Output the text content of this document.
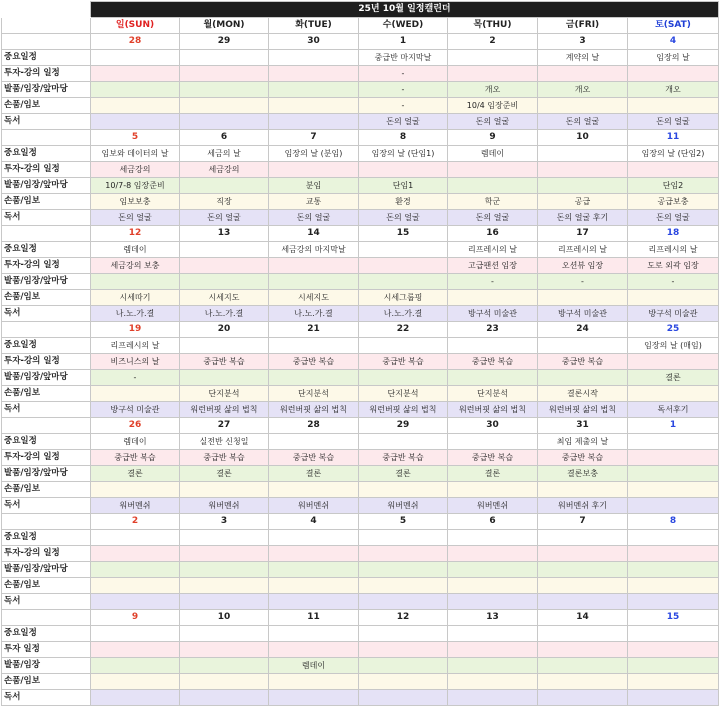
	25년 10월 일정캘린더						
	일(SUN)	월(MON)	화(TUE)	수(WED)	목(THU)	금(FRI)	토(SAT)
	28	29	30	1	2	3	4
중요일정				중급반 마지막날		계약의 날	임장의 날
투자-강의 일정				-			
발품/임장/앞마당				-	개오	개오	개오
손품/임보				-	10/4 임장준비		
독서				돈의 얼굴	돈의 얼굴	돈의 얼굴	돈의 얼굴
	5	6	7	8	9	10	11
중요일정	임보와 데이터의 날	세금의 날	임장의 날 (분임)	임장의 날 (단임1)	렘데이		임장의 날 (단임2)
투자-강의 일정	세금강의	세금강의					
발품/임장/앞마당	10/7-8 임장준비		분임	단임1			단임2
손품/임보	임보보충	직장	교통	환경	학군	공급	공급보충
독서	돈의 얼굴	돈의 얼굴	돈의 얼굴	돈의 얼굴	돈의 얼굴	돈의 얼굴 후기	돈의 얼굴
	12	13	14	15	16	17	18
중요일정	렘데이		세금강의 마지막날		리프레시의 날	리프레시의 날	리프레시의 날
투자-강의 일정	세금강의 보충				고급팬션 임장	오션뷰 임장	도로 외곽 임장
발품/임장/앞마당					-	-	-
손품/임보	시세따기	시세지도	시세지도	시세그룹핑			
독서	나.노.가.결	나.노.가.결	나.노.가.결	나.노.가.결	방구석 미술관	방구석 미술관	방구석 미술관
	19	20	21	22	23	24	25
중요일정	리프레시의 날						임장의 날 (매임)
투자-강의 일정	비즈니스의 날	중급반 복습	중급반 복습	중급반 복습	중급반 복습	중급반 복습	
발품/임장/앞마당	-						결론
손품/임보		단지분석	단지분석	단지분석	단지분석	결론시작	
독서	방구석 미술관	워런버핏 삶의 법칙	워런버핏 삶의 법칙	워런버핏 삶의 법칙	워런버핏 삶의 법칙	워런버핏 삶의 법칙	독서후기
	26	27	28	29	30	31	1
중요일정	렘데이	실전반 신청일				최임 제출의 날	
투자-강의 일정	중급반 복습	중급반 복습	중급반 복습	중급반 복습	중급반 복습	중급반 복습	
발품/임장/앞마당	결론	결론	결론	결론	결론	결론보충	
손품/임보							
독서	워버멘쉬	워버멘쉬	워버멘쉬	워버멘쉬	워버멘쉬	워버멘쉬 후기	
	2	3	4	5	6	7	8
중요일정							
투자-강의 일정							
발품/임장/앞마당							
손품/임보							
독서							
	9	10	11	12	13	14	15
중요일정							
투자 일정							
발품/임장			렘데이				
손품/임보							
독서							
